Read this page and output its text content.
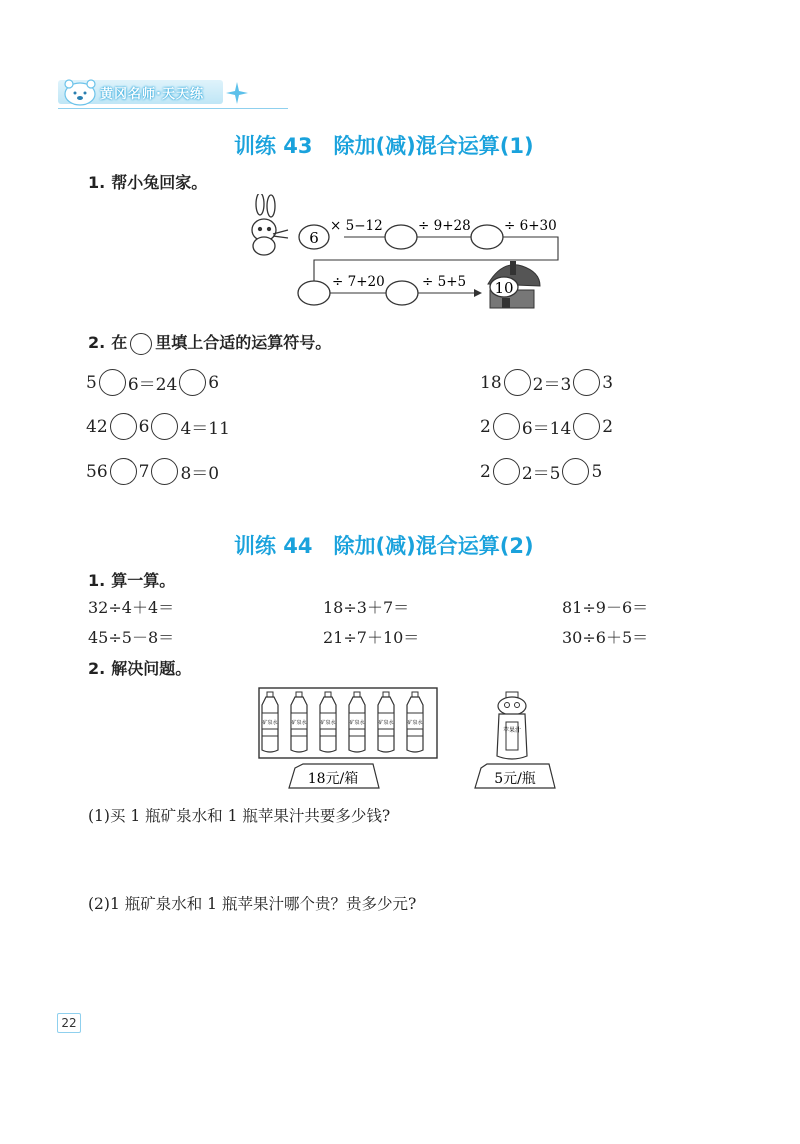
黄冈名师·天天练
训练 43　除加(减)混合运算(1)
1. 帮小兔回家。
6
10
× 5−12	÷ 9+28 ÷ 6+30
÷ 7+20	÷ 5+5
2. 在 里填上合适的运算符号。
5 6＝24 6
42 6 4＝11
56 7 8＝0
18 2＝3 3
2 6＝14 2
2 2＝5 5
训练 44　除加(减)混合运算(2)
1. 算一算。
32÷4＋4＝	18÷3＋7＝	81÷9－6＝
45÷5－8＝	21÷7＋10＝	30÷6＋5＝
2. 解决问题。
矿泉水	矿泉水	矿泉水	矿泉水	矿泉水	矿泉水
18元/箱
苹果汁
5元/瓶
(1)买 1 瓶矿泉水和 1 瓶苹果汁共要多少钱?
(2)1 瓶矿泉水和 1 瓶苹果汁哪个贵？贵多少元?
22
